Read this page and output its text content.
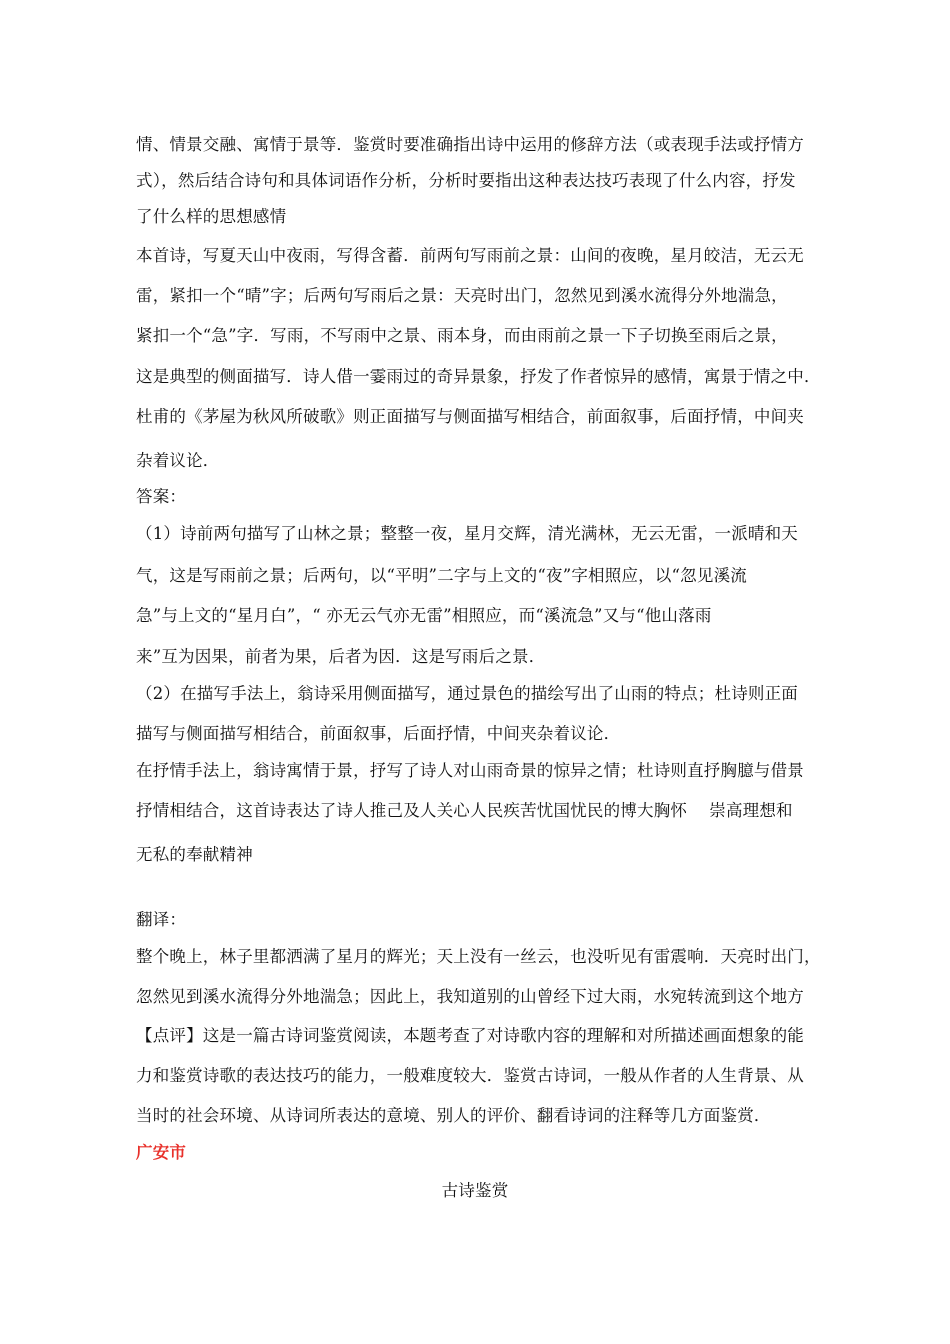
情、情景交融、寓情于景等．鉴赏时要准确指出诗中运用的修辞方法（或表现手法或抒情方
式），然后结合诗句和具体词语作分析，分析时要指出这种表达技巧表现了什么内容，抒发
了什么样的思想感情
本首诗，写夏天山中夜雨，写得含蓄．前两句写雨前之景：山间的夜晚，星月皎洁，无云无
雷，紧扣一个“晴”字；后两句写雨后之景：天亮时出门，忽然见到溪水流得分外地湍急，
紧扣一个“急”字．写雨，不写雨中之景、雨本身，而由雨前之景一下子切换至雨后之景，
这是典型的侧面描写．诗人借一霎雨过的奇异景象，抒发了作者惊异的感情，寓景于情之中．
杜甫的《茅屋为秋风所破歌》则正面描写与侧面描写相结合，前面叙事，后面抒情，中间夹
杂着议论．
答案：
（1）诗前两句描写了山林之景；整整一夜，星月交辉，清光满林，无云无雷，一派晴和天
气，这是写雨前之景；后两句，以“平明”二字与上文的“夜”字相照应，以“忽见溪流
急”与上文的“星月白”，“ 亦无云气亦无雷”相照应，而“溪流急”又与“他山落雨
来”互为因果，前者为果，后者为因．这是写雨后之景．
（2）在描写手法上，翁诗采用侧面描写，通过景色的描绘写出了山雨的特点；杜诗则正面
描写与侧面描写相结合，前面叙事，后面抒情，中间夹杂着议论．
在抒情手法上，翁诗寓情于景，抒写了诗人对山雨奇景的惊异之情；杜诗则直抒胸臆与借景
抒情相结合，这首诗表达了诗人推己及人关心人民疾苦忧国忧民的博大胸怀　 崇高理想和
无私的奉献精神
翻译：
整个晚上，林子里都洒满了星月的辉光；天上没有一丝云，也没听见有雷震响．天亮时出门，
忽然见到溪水流得分外地湍急；因此上，我知道别的山曾经下过大雨，水宛转流到这个地方
【点评】这是一篇古诗词鉴赏阅读，本题考查了对诗歌内容的理解和对所描述画面想象的能
力和鉴赏诗歌的表达技巧的能力，一般难度较大．鉴赏古诗词，一般从作者的人生背景、从
当时的社会环境、从诗词所表达的意境、别人的评价、翻看诗词的注释等几方面鉴赏．
广安市
古诗鉴赏
